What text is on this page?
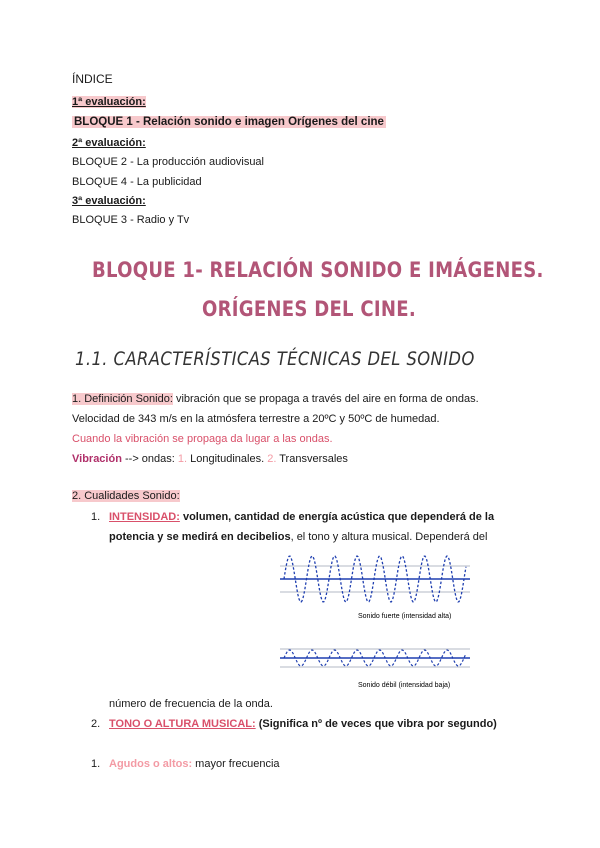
ÍNDICE
1ª evaluación:
BLOQUE 1 - Relación sonido e imagen Orígenes del cine
2ª evaluación:
BLOQUE 2 - La producción audiovisual
BLOQUE 4 - La publicidad
3ª evaluación:
BLOQUE 3 - Radio y Tv
BLOQUE 1- RELACIÓN SONIDO E IMÁGENES.
ORÍGENES DEL CINE.
1.1. CARACTERÍSTICAS TÉCNICAS DEL SONIDO
1. Definición Sonido: vibración que se propaga a través del aire en forma de ondas.
Velocidad de 343 m/s en la atmósfera terrestre a 20ºC y 50ºC de humedad.
Cuando la vibración se propaga da lugar a las ondas.
Vibración --> ondas: 1. Longitudinales. 2. Transversales
2. Cualidades Sonido:
1. INTENSIDAD: volumen, cantidad de energía acústica que dependerá de la
potencia y se medirá en decibelios, el tono y altura musical. Dependerá del
Sonido fuerte (intensidad alta)
Sonido débil (intensidad baja)
número de frecuencia de la onda.
2. TONO O ALTURA MUSICAL: (Significa nº de veces que vibra por segundo)
1. Agudos o altos: mayor frecuencia
